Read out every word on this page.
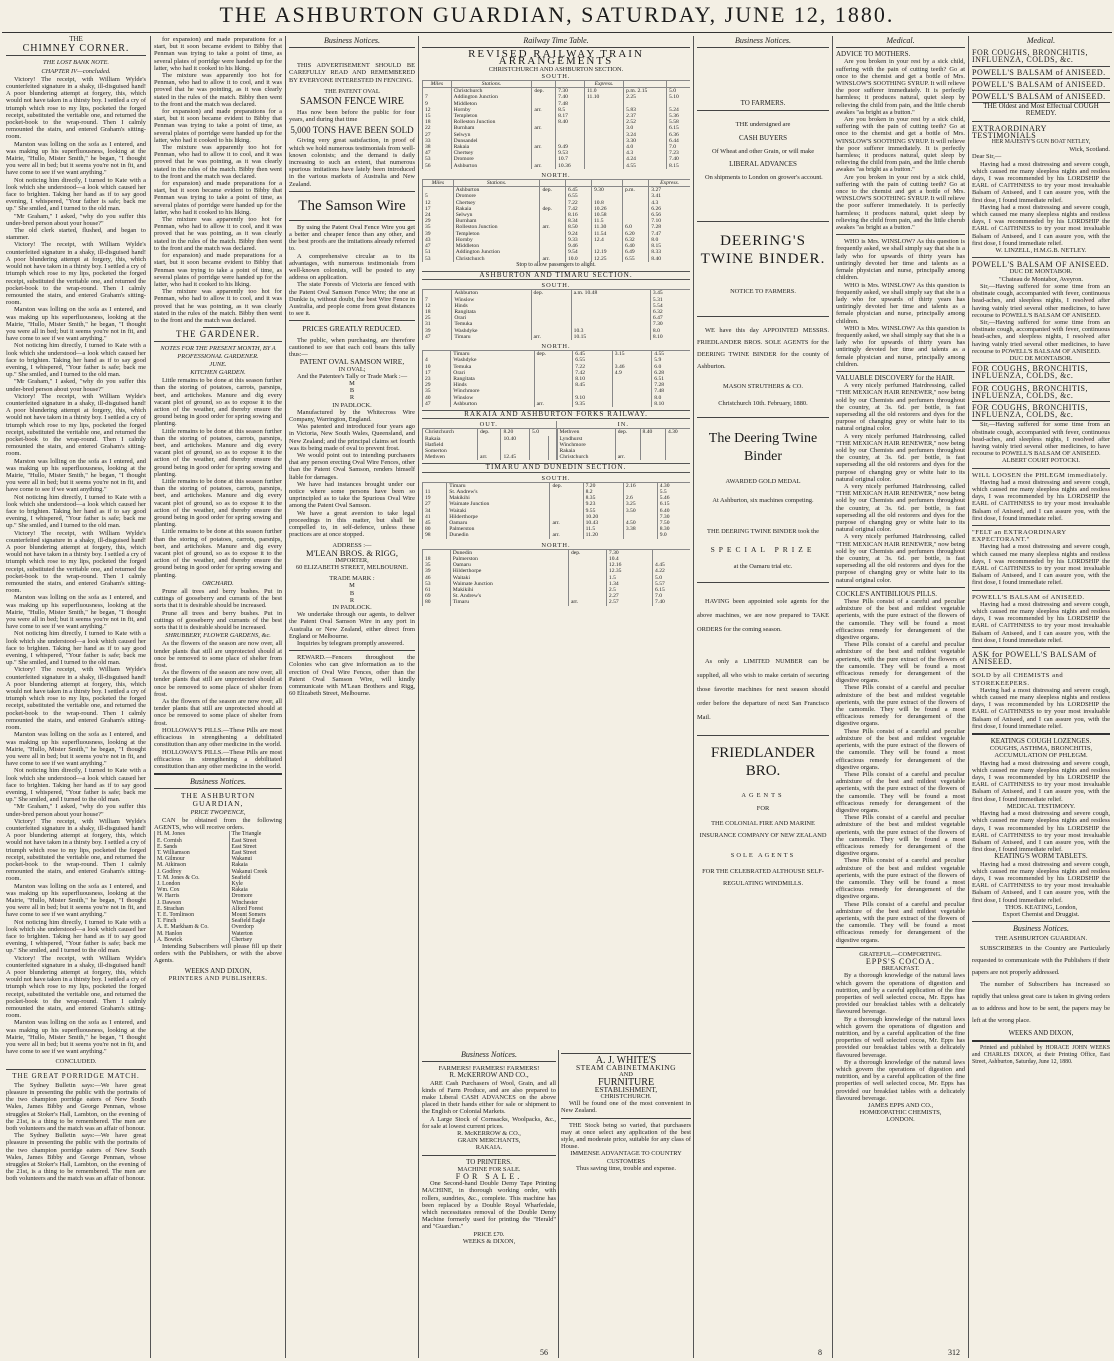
THE ASHBURTON GUARDIAN, SATURDAY, JUNE 12, 1880.
THE
CHIMNEY CORNER.
THE LOST BANK NOTE.
CHAPTER IV—concluded.

Victory! The receipt, with William Wylde's counterfeited signature in a shaky, ill-disguised hand! A poor blundering attempt at forgery, this, which would not have taken in a thirsty boy. I settled a cry of triumph which rose to my lips, pocketed the forged receipt, substituted the veritable one, and returned the pocket-book to the wrap-round. Then I calmly remounted the stairs, and entered Graham's sitting-room.

Marston was lolling on the sofa as I entered, and was making up his superfluousness, looking at the Mairie, "Hullo, Mister Smith," he began, "I thought you were all in bed; but it seems you're not in fit, and have come to see if we want anything."

Not noticing him directly, I turned to Kate with a look which she understood—a look which caused her face to brighten. Taking her hand as if to say good evening, I whispered, "Your father is safe; back me up." She smiled, and I turned to the old man.

"Mr Graham," I asked, "why do you suffer this under-bred person about your house?"

The old clerk started, flushed, and began to stammer.

Victory! The receipt, with William Wylde's counterfeited signature in a shaky, ill-disguised hand! A poor blundering attempt at forgery, this, which would not have taken in a thirsty boy. I settled a cry of triumph which rose to my lips, pocketed the forged receipt, substituted the veritable one, and returned the pocket-book to the wrap-round. Then I calmly remounted the stairs, and entered Graham's sitting-room.

Marston was lolling on the sofa as I entered, and was making up his superfluousness, looking at the Mairie, "Hullo, Mister Smith," he began, "I thought you were all in bed; but it seems you're not in fit, and have come to see if we want anything."

Not noticing him directly, I turned to Kate with a look which she understood—a look which caused her face to brighten. Taking her hand as if to say good evening, I whispered, "Your father is safe; back me up." She smiled, and I turned to the old man.

"Mr Graham," I asked, "why do you suffer this under-bred person about your house?"

Victory! The receipt, with William Wylde's counterfeited signature in a shaky, ill-disguised hand! A poor blundering attempt at forgery, this, which would not have taken in a thirsty boy. I settled a cry of triumph which rose to my lips, pocketed the forged receipt, substituted the veritable one, and returned the pocket-book to the wrap-round. Then I calmly remounted the stairs, and entered Graham's sitting-room.

Marston was lolling on the sofa as I entered, and was making up his superfluousness, looking at the Mairie, "Hullo, Mister Smith," he began, "I thought you were all in bed; but it seems you're not in fit, and have come to see if we want anything."

Not noticing him directly, I turned to Kate with a look which she understood—a look which caused her face to brighten. Taking her hand as if to say good evening, I whispered, "Your father is safe; back me up." She smiled, and I turned to the old man.

Victory! The receipt, with William Wylde's counterfeited signature in a shaky, ill-disguised hand! A poor blundering attempt at forgery, this, which would not have taken in a thirsty boy. I settled a cry of triumph which rose to my lips, pocketed the forged receipt, substituted the veritable one, and returned the pocket-book to the wrap-round. Then I calmly remounted the stairs, and entered Graham's sitting-room.

Marston was lolling on the sofa as I entered, and was making up his superfluousness, looking at the Mairie, "Hullo, Mister Smith," he began, "I thought you were all in bed; but it seems you're not in fit, and have come to see if we want anything."

Not noticing him directly, I turned to Kate with a look which she understood—a look which caused her face to brighten. Taking her hand as if to say good evening, I whispered, "Your father is safe; back me up." She smiled, and I turned to the old man.

Victory! The receipt, with William Wylde's counterfeited signature in a shaky, ill-disguised hand! A poor blundering attempt at forgery, this, which would not have taken in a thirsty boy. I settled a cry of triumph which rose to my lips, pocketed the forged receipt, substituted the veritable one, and returned the pocket-book to the wrap-round. Then I calmly remounted the stairs, and entered Graham's sitting-room.

Marston was lolling on the sofa as I entered, and was making up his superfluousness, looking at the Mairie, "Hullo, Mister Smith," he began, "I thought you were all in bed; but it seems you're not in fit, and have come to see if we want anything."

Not noticing him directly, I turned to Kate with a look which she understood—a look which caused her face to brighten. Taking her hand as if to say good evening, I whispered, "Your father is safe; back me up." She smiled, and I turned to the old man.

"Mr Graham," I asked, "why do you suffer this under-bred person about your house?"

Victory! The receipt, with William Wylde's counterfeited signature in a shaky, ill-disguised hand! A poor blundering attempt at forgery, this, which would not have taken in a thirsty boy. I settled a cry of triumph which rose to my lips, pocketed the forged receipt, substituted the veritable one, and returned the pocket-book to the wrap-round. Then I calmly remounted the stairs, and entered Graham's sitting-room.

Marston was lolling on the sofa as I entered, and was making up his superfluousness, looking at the Mairie, "Hullo, Mister Smith," he began, "I thought you were all in bed; but it seems you're not in fit, and have come to see if we want anything."

Not noticing him directly, I turned to Kate with a look which she understood—a look which caused her face to brighten. Taking her hand as if to say good evening, I whispered, "Your father is safe; back me up." She smiled, and I turned to the old man.

Victory! The receipt, with William Wylde's counterfeited signature in a shaky, ill-disguised hand! A poor blundering attempt at forgery, this, which would not have taken in a thirsty boy. I settled a cry of triumph which rose to my lips, pocketed the forged receipt, substituted the veritable one, and returned the pocket-book to the wrap-round. Then I calmly remounted the stairs, and entered Graham's sitting-room.

Marston was lolling on the sofa as I entered, and was making up his superfluousness, looking at the Mairie, "Hullo, Mister Smith," he began, "I thought you were all in bed; but it seems you're not in fit, and have come to see if we want anything."

CONCLUDED.
THE GREAT PORRIDGE MATCH.

The Sydney Bulletin says:—We have great pleasure in presenting the public with the portraits of the two champion porridge eaters of New South Wales, James Bibby and George Penman, whose struggles at Stoker's Hall, Lambton, on the evening of the 21st, is a thing to be remembered. The men are both volunteers and the match was an affair of honour.

The Sydney Bulletin says:—We have great pleasure in presenting the public with the portraits of the two champion porridge eaters of New South Wales, James Bibby and George Penman, whose struggles at Stoker's Hall, Lambton, on the evening of the 21st, is a thing to be remembered. The men are both volunteers and the match was an affair of honour.

for expansion) and made preparations for a start, but it soon became evident to Bibby that Penman was trying to take a point of time, as several plates of porridge were handed up for the latter, who had it cooked to his liking.

The mixture was apparently too hot for Penman, who had to allow it to cool, and it was proved that he was pointing, as it was clearly stated in the rules of the match. Bibby then went to the front and the match was declared.

for expansion) and made preparations for a start, but it soon became evident to Bibby that Penman was trying to take a point of time, as several plates of porridge were handed up for the latter, who had it cooked to his liking.

The mixture was apparently too hot for Penman, who had to allow it to cool, and it was proved that he was pointing, as it was clearly stated in the rules of the match. Bibby then went to the front and the match was declared.

for expansion) and made preparations for a start, but it soon became evident to Bibby that Penman was trying to take a point of time, as several plates of porridge were handed up for the latter, who had it cooked to his liking.

The mixture was apparently too hot for Penman, who had to allow it to cool, and it was proved that he was pointing, as it was clearly stated in the rules of the match. Bibby then went to the front and the match was declared.

for expansion) and made preparations for a start, but it soon became evident to Bibby that Penman was trying to take a point of time, as several plates of porridge were handed up for the latter, who had it cooked to his liking.

The mixture was apparently too hot for Penman, who had to allow it to cool, and it was proved that he was pointing, as it was clearly stated in the rules of the match. Bibby then went to the front and the match was declared.

THE GARDENER.
NOTES FOR THE PRESENT MONTH, BY A PROFESSIONAL GARDENER.
JUNE.
KITCHEN GARDEN.

Little remains to be done at this season further than the storing of potatoes, carrots, parsnips, beet, and artichokes. Manure and dig every vacant plot of ground, so as to expose it to the action of the weather, and thereby ensure the ground being in good order for spring sowing and planting.

Little remains to be done at this season further than the storing of potatoes, carrots, parsnips, beet, and artichokes. Manure and dig every vacant plot of ground, so as to expose it to the action of the weather, and thereby ensure the ground being in good order for spring sowing and planting.

Little remains to be done at this season further than the storing of potatoes, carrots, parsnips, beet, and artichokes. Manure and dig every vacant plot of ground, so as to expose it to the action of the weather, and thereby ensure the ground being in good order for spring sowing and planting.

Little remains to be done at this season further than the storing of potatoes, carrots, parsnips, beet, and artichokes. Manure and dig every vacant plot of ground, so as to expose it to the action of the weather, and thereby ensure the ground being in good order for spring sowing and planting.

ORCHARD.

Prune all trees and berry bushes. Put in cuttings of gooseberry and currants of the best sorts that it is desirable should be increased.

Prune all trees and berry bushes. Put in cuttings of gooseberry and currants of the best sorts that it is desirable should be increased.

SHRUBBERY, FLOWER GARDENS, &c.

As the flowers of the season are now over, all tender plants that still are unprotected should at once be removed to some place of shelter from frost.

As the flowers of the season are now over, all tender plants that still are unprotected should at once be removed to some place of shelter from frost.

As the flowers of the season are now over, all tender plants that still are unprotected should at once be removed to some place of shelter from frost.

HOLLOWAY'S PILLS.—These Pills are most efficacious in strengthening a debilitated constitution than any other medicine in the world.

HOLLOWAY'S PILLS.—These Pills are most efficacious in strengthening a debilitated constitution than any other medicine in the world.

Business Notices.
THE ASHBURTON GUARDIAN,
PRICE TWOPENCE,

CAN be obtained from the following AGENTS, who will receive orders.

H. M. Jones	The Triangle
E. Cornish	East Street
E. Sands	East Street
T. Williamson	East Street
M. Gilmour	Wakanui
M. Atkinson	Rakaia
J. Godfrey	Wakanui Creek
T. M. Jones & Co.	Seafield
J. London	Kyle
Wm. Cox	Rakaia
W. Harris	Dromore
J. Dawson	Winchester
E. Strachan	Alford Forest
T. E. Tomlinson	Mount Somers
T. Finch	Seafield Eagle
A. E. Markham & Co.	Overdorp
M. Hanlon	Waterton
A. Bowick	Chertsey

Intending Subscribers will please fill up their orders with the Publishers, or with the above Agents.

WEEKS AND DIXON,
PRINTERS AND PUBLISHERS.
Business Notices.

THIS ADVERTISEMENT SHOULD BE CAREFULLY READ AND REMEMBERED BY EVERYONE INTERESTED IN FENCING.

THE PATENT OVAL
SAMSON FENCE WIRE

Has now been before the public for four years, and during that time

5,000 TONS HAVE BEEN SOLD

Giving very great satisfaction, in proof of which we hold numerous testimonials from well-known colonists; and the demand is daily increasing to such an extent, that numerous spurious imitations have lately been introduced in the various markets of Australia and New Zealand.

The Samson Wire

By using the Patent Oval Fence Wire you get a better and cheaper fence than any other, and the best proofs are the imitations already referred to.

A comprehensive circular as to its advantages, with numerous testimonials from well-known colonists, will be posted to any address on application.

The state Forests of Victoria are fenced with the Patent Oval Samson Fence Wire; the one at Dunkie is, without doubt, the best Wire Fence in Australia, and people come from great distances to see it.

PRICES GREATLY REDUCED.

The public, when purchasing, are therefore cautioned to see that each coil bears this tally thus:—

PATENT OVAL SAMSON WIRE,
IN OVAL;

And the Patentee's Tally or Trade Mark :—

M
B
R
IN PADLOCK.

Manufactured by the Whitecross Wire Company, Warrington, England.

Was patented and introduced four years ago in Victoria, New South Wales, Queensland, and New Zealand; and the principal claims set fourth was its being made of oval to prevent frost.

We would point out to intending purchasers that any person erecting Oval Wire Fences, other than the Patent Oval Samson, renders himself liable for damages.

We have had instances brought under our notice where some persons have been so unprincipled as to take the Spurious Oval Wire among the Patent Oval Samson.

We have a great aversion to take legal proceedings in this matter, but shall be compelled to, in self-defence, unless these practices are at once stopped.

ADDRESS :—
M'LEAN BROS. & RIGG,
IMPORTER,
60 ELIZABETH STREET, MELBOURNE.
TRADE MARK :
M
B
R
IN PADLOCK.

We undertake through our agents, to deliver the Patent Oval Samson Wire in any port in Australia or New Zealand, either direct from England or Melbourne.

Inquiries by telegram promptly answered.

REWARD.—Fencers throughout the Colonies who can give information as to the erection of Oval Wire Fences, other than the Patent Oval Samson Wire, will kindly communicate with M'Lean Brothers and Rigg, 60 Elizabeth Street, Melbourne.

Railway Time Table.
REVISED RAILWAY TRAIN ARRANGEMENTS
CHRISTCHURCH AND ASHBURTON SECTION.
SOUTH.
Miles	Stations.			Express.		
	Christchurch	dep.	7.30	11.0	p.m. 2.15	5.0
7	Addington Junction		7.40	11.10	2.25	5.10
9	Middleton		7.48			
12	Hornby	arr.	8.5		5.83	5.24
15	Templeton		8.17		2.37	5.36
18	Rolleston Junction		8.40		2.52	5.58
22	Burnham	arr.			3.0	6.15
27	Selwyn				3.24	6.36
33	Dunsandel				3.30	6.44
38	Rakaia	arr.	9.49		4.0	7.0
47	Chertsey		9.53		4.3	7.23
53	Dromore		10.7		4.24	7.40
56	Ashburton	arr.	10.36		4.55	8.15
NORTH.
Miles	Stations.					Express.
	Ashburton	dep.	6.45	9.30	p.m.	3.27
5	Dromore		6.55			3.41
12	Chertsey		7.22	10.8		4.3
17	Rakaia	dep.	7.42	10.26		6.26
24	Selwyn		8.16	10.58		6.56
29	Burnham		8.34	11.5		7.10
35	Rolleston Junction	arr.	8.50	11.30	6.0	7.28
39	Templeton		9.24	11.54	6.20	7.47
43	Hornby		9.33	12.4	6.32	8.0
47	Middleton		9.46		6.40	8.15
51	Addington Junction		9.54	12.19	6.49	8.33
53	Christchurch	arr.	10.0	12.25	6.55	8.40
Stop to allow passengers to alight.
ASHBURTON AND TIMARU SECTION.
SOUTH.
	Ashburton	dep.	a.m. 10.48	3.45
7	Winslow			5.31
12	Hinds			5.54
18	Rangitata			6.32
25	Orari			6.47
31	Temuka			7.30
39	Washdyke		10.3	8.0
47	Timaru	arr.	10.15	8.10
NORTH.
	Timaru	dep.	6.45	3.15	4.55
4	Washdyke		6.55		5.9
10	Temuka		7.22	3.46	6.0
17	Orari		7.42	4.9	6.28
23	Rangitata		8.10		6.51
29	Hinds		8.45		7.28
35	Winchmore				7.48
40	Winslow		9.10		8.0
47	Ashburton	arr.	9.35		8.10
RAKAIA AND ASHBURTON FORKS RAILWAY.
OUT.
Christchurch	dep.	8.20	5.0	
Rakaia		10.40		
Hatfield				
Somerton				
Methven	arr.	12.45		
IN.
Methven	dep.	8.40	4.30
Lyndhurst			
Winchmore			
Rakaia			
Christchurch	arr.		
TIMARU AND DUNEDIN SECTION.
SOUTH.
	Timaru	dep.	7.20	2.16	4.30
11	St. Andrew's		8.2		5.5
19	Makikihi		8.35	2.6	5.46
27	Waimate Junction		9.23	3.25	6.15
34	Waitaki		9.55	3.50	6.40
41	Hilderthorpe		10.20		7.30
45	Oamaru	arr.	10.43	4.50	7.50
80	Palmerston		11.5	3.38	8.30
98	Dunedin	arr.	11.20		9.0
NORTH.
	Dunedin	dep.	7.30	
18	Palmerston		10.4	
35	Oamaru		12.16	4.45
39	Hilderthorpe		12.35	4.22
46	Waitaki		1.5	5.0
53	Waimate Junction		1.34	5.57
61	Makikihi		2.5	6.15
69	St. Andrew's		2.27	7.0
80	Timaru	arr.	2.57	7.40
Business Notices.
FARMERS! FARMERS! FARMERS!
R. McKERROW AND CO.,

ARE Cash Purchasers of Wool, Grain, and all kinds of Farm Produce, and are also prepared to make Liberal CASH ADVANCES on the above placed in their hands either for sale or shipment to the English or Colonial Markets.

A Large Stock of Cornsacks, Woolpacks, &c., for sale at lowest current prices.

R. McKERROW & CO.,
GRAIN MERCHANTS,
RAKAIA.
TO PRINTERS.
MACHINE FOR SALE.
FOR SALE.

One Second-hand Double Demy Tape Printing MACHINE, in thorough working order, with rollers, sundries, &c., complete. This machine has been replaced by a Double Royal Wharfedale, which necessitates removal of the Double Demy Machine formerly used for printing the "Herald" and "Guardian."

PRICE £70.
WEEKS & DIXON,
A. J. WHITE'S
STEAM CABINETMAKING
AND
FURNITURE
ESTABLISHMENT,
CHRISTCHURCH.

Will be found one of the most convenient in New Zealand.

THE Stock being so varied, that purchasers may at once select any application of the best style, and moderate price, suitable for any class of House.

IMMENSE ADVANTAGE TO COUNTRY CUSTOMERS
Thus saving time, trouble and expense.
Business Notices.
TO FARMERS.
THE undersigned are
CASH BUYERS
Of Wheat and other Grain, or will make
LIBERAL ADVANCES

On shipments to London on grower's account.

DEERING'S
TWINE BINDER.
NOTICE TO FARMERS.

WE have this day APPOINTED MESSRS. FRIEDLANDER BROS. SOLE AGENTS for the DEERING TWINE BINDER for the county of Ashburton.

MASON STRUTHERS & CO.
Christchurch 10th. February, 1880.
The Deering Twine
Binder
AWARDED GOLD MEDAL
At Ashburton, six machines competing.
THE DEERING TWINE BINDER took the
SPECIAL PRIZE
at the Oamaru trial etc.

HAVING been appointed sole agents for the above machines, we are now prepared to TAKE ORDERS for the coming season.

As only a LIMITED NUMBER can be supplied, all who wish to make certain of securing those favorite machines for next season should order before the departure of next San Francisco Mail.

FRIEDLANDER BRO.
AGENTS
FOR

THE COLONIAL FIRE AND MARINE INSURANCE COMPANY OF NEW ZEALAND

SOLE AGENTS

FOR THE CELEBRATED ALTHOUSE SELF-REGULATING WINDMILLS.

Medical.
ADVICE TO MOTHERS.

Are you broken in your rest by a sick child, suffering with the pain of cutting teeth? Go at once to the chemist and get a bottle of Mrs. WINSLOW'S SOOTHING SYRUP. It will relieve the poor sufferer immediately. It is perfectly harmless; it produces natural, quiet sleep by relieving the child from pain, and the little cherub awakes "as bright as a button."

Are you broken in your rest by a sick child, suffering with the pain of cutting teeth? Go at once to the chemist and get a bottle of Mrs. WINSLOW'S SOOTHING SYRUP. It will relieve the poor sufferer immediately. It is perfectly harmless; it produces natural, quiet sleep by relieving the child from pain, and the little cherub awakes "as bright as a button."

Are you broken in your rest by a sick child, suffering with the pain of cutting teeth? Go at once to the chemist and get a bottle of Mrs. WINSLOW'S SOOTHING SYRUP. It will relieve the poor sufferer immediately. It is perfectly harmless; it produces natural, quiet sleep by relieving the child from pain, and the little cherub awakes "as bright as a button."

WHO is Mrs. WINSLOW? As this question is frequently asked, we shall simply say that she is a lady who for upwards of thirty years has untiringly devoted her time and talents as a female physician and nurse, principally among children.

WHO is Mrs. WINSLOW? As this question is frequently asked, we shall simply say that she is a lady who for upwards of thirty years has untiringly devoted her time and talents as a female physician and nurse, principally among children.

WHO is Mrs. WINSLOW? As this question is frequently asked, we shall simply say that she is a lady who for upwards of thirty years has untiringly devoted her time and talents as a female physician and nurse, principally among children.

VALUABLE DISCOVERY for the HAIR.

A very nicely perfumed Hairdressing, called "THE MEXICAN HAIR RENEWER," now being sold by our Chemists and perfumers throughout the country, at 3s. 6d. per bottle, is fast superseding all the old restorers and dyes for the purpose of changing grey or white hair to its natural original color.

A very nicely perfumed Hairdressing, called "THE MEXICAN HAIR RENEWER," now being sold by our Chemists and perfumers throughout the country, at 3s. 6d. per bottle, is fast superseding all the old restorers and dyes for the purpose of changing grey or white hair to its natural original color.

A very nicely perfumed Hairdressing, called "THE MEXICAN HAIR RENEWER," now being sold by our Chemists and perfumers throughout the country, at 3s. 6d. per bottle, is fast superseding all the old restorers and dyes for the purpose of changing grey or white hair to its natural original color.

A very nicely perfumed Hairdressing, called "THE MEXICAN HAIR RENEWER," now being sold by our Chemists and perfumers throughout the country, at 3s. 6d. per bottle, is fast superseding all the old restorers and dyes for the purpose of changing grey or white hair to its natural original color.

COCKLE'S ANTIBILIOUS PILLS.

These Pills consist of a careful and peculiar admixture of the best and mildest vegetable aperients, with the pure extract of the flowers of the camomile. They will be found a most efficacious remedy for derangement of the digestive organs.

These Pills consist of a careful and peculiar admixture of the best and mildest vegetable aperients, with the pure extract of the flowers of the camomile. They will be found a most efficacious remedy for derangement of the digestive organs.

These Pills consist of a careful and peculiar admixture of the best and mildest vegetable aperients, with the pure extract of the flowers of the camomile. They will be found a most efficacious remedy for derangement of the digestive organs.

These Pills consist of a careful and peculiar admixture of the best and mildest vegetable aperients, with the pure extract of the flowers of the camomile. They will be found a most efficacious remedy for derangement of the digestive organs.

These Pills consist of a careful and peculiar admixture of the best and mildest vegetable aperients, with the pure extract of the flowers of the camomile. They will be found a most efficacious remedy for derangement of the digestive organs.

These Pills consist of a careful and peculiar admixture of the best and mildest vegetable aperients, with the pure extract of the flowers of the camomile. They will be found a most efficacious remedy for derangement of the digestive organs.

These Pills consist of a careful and peculiar admixture of the best and mildest vegetable aperients, with the pure extract of the flowers of the camomile. They will be found a most efficacious remedy for derangement of the digestive organs.

These Pills consist of a careful and peculiar admixture of the best and mildest vegetable aperients, with the pure extract of the flowers of the camomile. They will be found a most efficacious remedy for derangement of the digestive organs.

GRATEFUL—COMFORTING.
EPPS'S COCOA.
BREAKFAST.

By a thorough knowledge of the natural laws which govern the operations of digestion and nutrition, and by a careful application of the fine properties of well selected cocoa, Mr. Epps has provided our breakfast tables with a delicately flavoured beverage.

By a thorough knowledge of the natural laws which govern the operations of digestion and nutrition, and by a careful application of the fine properties of well selected cocoa, Mr. Epps has provided our breakfast tables with a delicately flavoured beverage.

By a thorough knowledge of the natural laws which govern the operations of digestion and nutrition, and by a careful application of the fine properties of well selected cocoa, Mr. Epps has provided our breakfast tables with a delicately flavoured beverage.

JAMES EPPS AND CO.,
HOMŒOPATHIC CHEMISTS,
LONDON.
Medical.
FOR COUGHS, BRONCHITIS, INFLUENZA, COLDS, &c.
POWELL'S BALSAM of ANISEED.
POWELL'S BALSAM of ANISEED.
POWELL'S BALSAM of ANISEED.
THE Oldest and Most Effectual COUGH REMEDY.
EXTRAORDINARY TESTIMONIALS
HER MAJESTY'S GUN BOAT NETLEY,
Wick, Scotland.
Dear Sir,—

Having had a most distressing and severe cough, which caused me many sleepless nights and restless days, I was recommended by his LORDSHIP the EARL of CAITHNESS to try your most invaluable Balsam of Aniseed, and I can assure you, with the first dose, I found immediate relief.

Having had a most distressing and severe cough, which caused me many sleepless nights and restless days, I was recommended by his LORDSHIP the EARL of CAITHNESS to try your most invaluable Balsam of Aniseed, and I can assure you, with the first dose, I found immediate relief.

W. LINZELL, H.M.G.B. NETLEY.
POWELL'S BALSAM OF ANISEED.
DUC DE MONTABOR.
"Chateau de Montabor, Aveyron.

Sir,—Having suffered for some time from an obstinate cough, accompanied with fever, continuous head-aches, and sleepless nights, I resolved after having vainly tried several other medicines, to have recourse to POWELL'S BALSAM OF ANISEED.

Sir,—Having suffered for some time from an obstinate cough, accompanied with fever, continuous head-aches, and sleepless nights, I resolved after having vainly tried several other medicines, to have recourse to POWELL'S BALSAM OF ANISEED.

DUC DE MONTABOR.
FOR COUGHS, BRONCHITIS, INFLUENZA, COLDS, &c.
FOR COUGHS, BRONCHITIS, INFLUENZA, COLDS, &c.
FOR COUGHS, BRONCHITIS, INFLUENZA, COLDS, &c.

Sir,—Having suffered for some time from an obstinate cough, accompanied with fever, continuous head-aches, and sleepless nights, I resolved after having vainly tried several other medicines, to have recourse to POWELL'S BALSAM OF ANISEED.

ALBERT COURT POTOCKI.
WILL LOOSEN the PHLEGM immediately.

Having had a most distressing and severe cough, which caused me many sleepless nights and restless days, I was recommended by his LORDSHIP the EARL of CAITHNESS to try your most invaluable Balsam of Aniseed, and I can assure you, with the first dose, I found immediate relief.

"FELT an EXTRAORDINARY EXPECTORANT."

Having had a most distressing and severe cough, which caused me many sleepless nights and restless days, I was recommended by his LORDSHIP the EARL of CAITHNESS to try your most invaluable Balsam of Aniseed, and I can assure you, with the first dose, I found immediate relief.

POWELL'S BALSAM of ANISEED.

Having had a most distressing and severe cough, which caused me many sleepless nights and restless days, I was recommended by his LORDSHIP the EARL of CAITHNESS to try your most invaluable Balsam of Aniseed, and I can assure you, with the first dose, I found immediate relief.

ASK for POWELL'S BALSAM of ANISEED.
SOLD by all CHEMISTS and STOREKEEPERS.

Having had a most distressing and severe cough, which caused me many sleepless nights and restless days, I was recommended by his LORDSHIP the EARL of CAITHNESS to try your most invaluable Balsam of Aniseed, and I can assure you, with the first dose, I found immediate relief.

KEATINGS COUGH LOZENGES.
COUGHS, ASTHMA, BRONCHITIS, ACCUMULATION OF PHLEGM.

Having had a most distressing and severe cough, which caused me many sleepless nights and restless days, I was recommended by his LORDSHIP the EARL of CAITHNESS to try your most invaluable Balsam of Aniseed, and I can assure you, with the first dose, I found immediate relief.

MEDICAL TESTIMONY.

Having had a most distressing and severe cough, which caused me many sleepless nights and restless days, I was recommended by his LORDSHIP the EARL of CAITHNESS to try your most invaluable Balsam of Aniseed, and I can assure you, with the first dose, I found immediate relief.

KEATING'S WORM TABLETS.

Having had a most distressing and severe cough, which caused me many sleepless nights and restless days, I was recommended by his LORDSHIP the EARL of CAITHNESS to try your most invaluable Balsam of Aniseed, and I can assure you, with the first dose, I found immediate relief.

THOS. KEATING, London,
Export Chemist and Druggist.
Business Notices.
THE ASHBURTON GUARDIAN.

SUBSCRIBERS in the Country are Particularly requested to communicate with the Publishers if their papers are not properly addressed.

The number of Subscribers has increased so rapidly that unless great care is taken in giving orders as to address and how to be sent, the papers may be left at the wrong place.

WEEKS AND DIXON,

Printed and published by HORACE JOHN WEEKS and CHARLES DIXON, at their Printing Office, East Street, Ashburton, Saturday, June 12, 1880.

56	8	312
